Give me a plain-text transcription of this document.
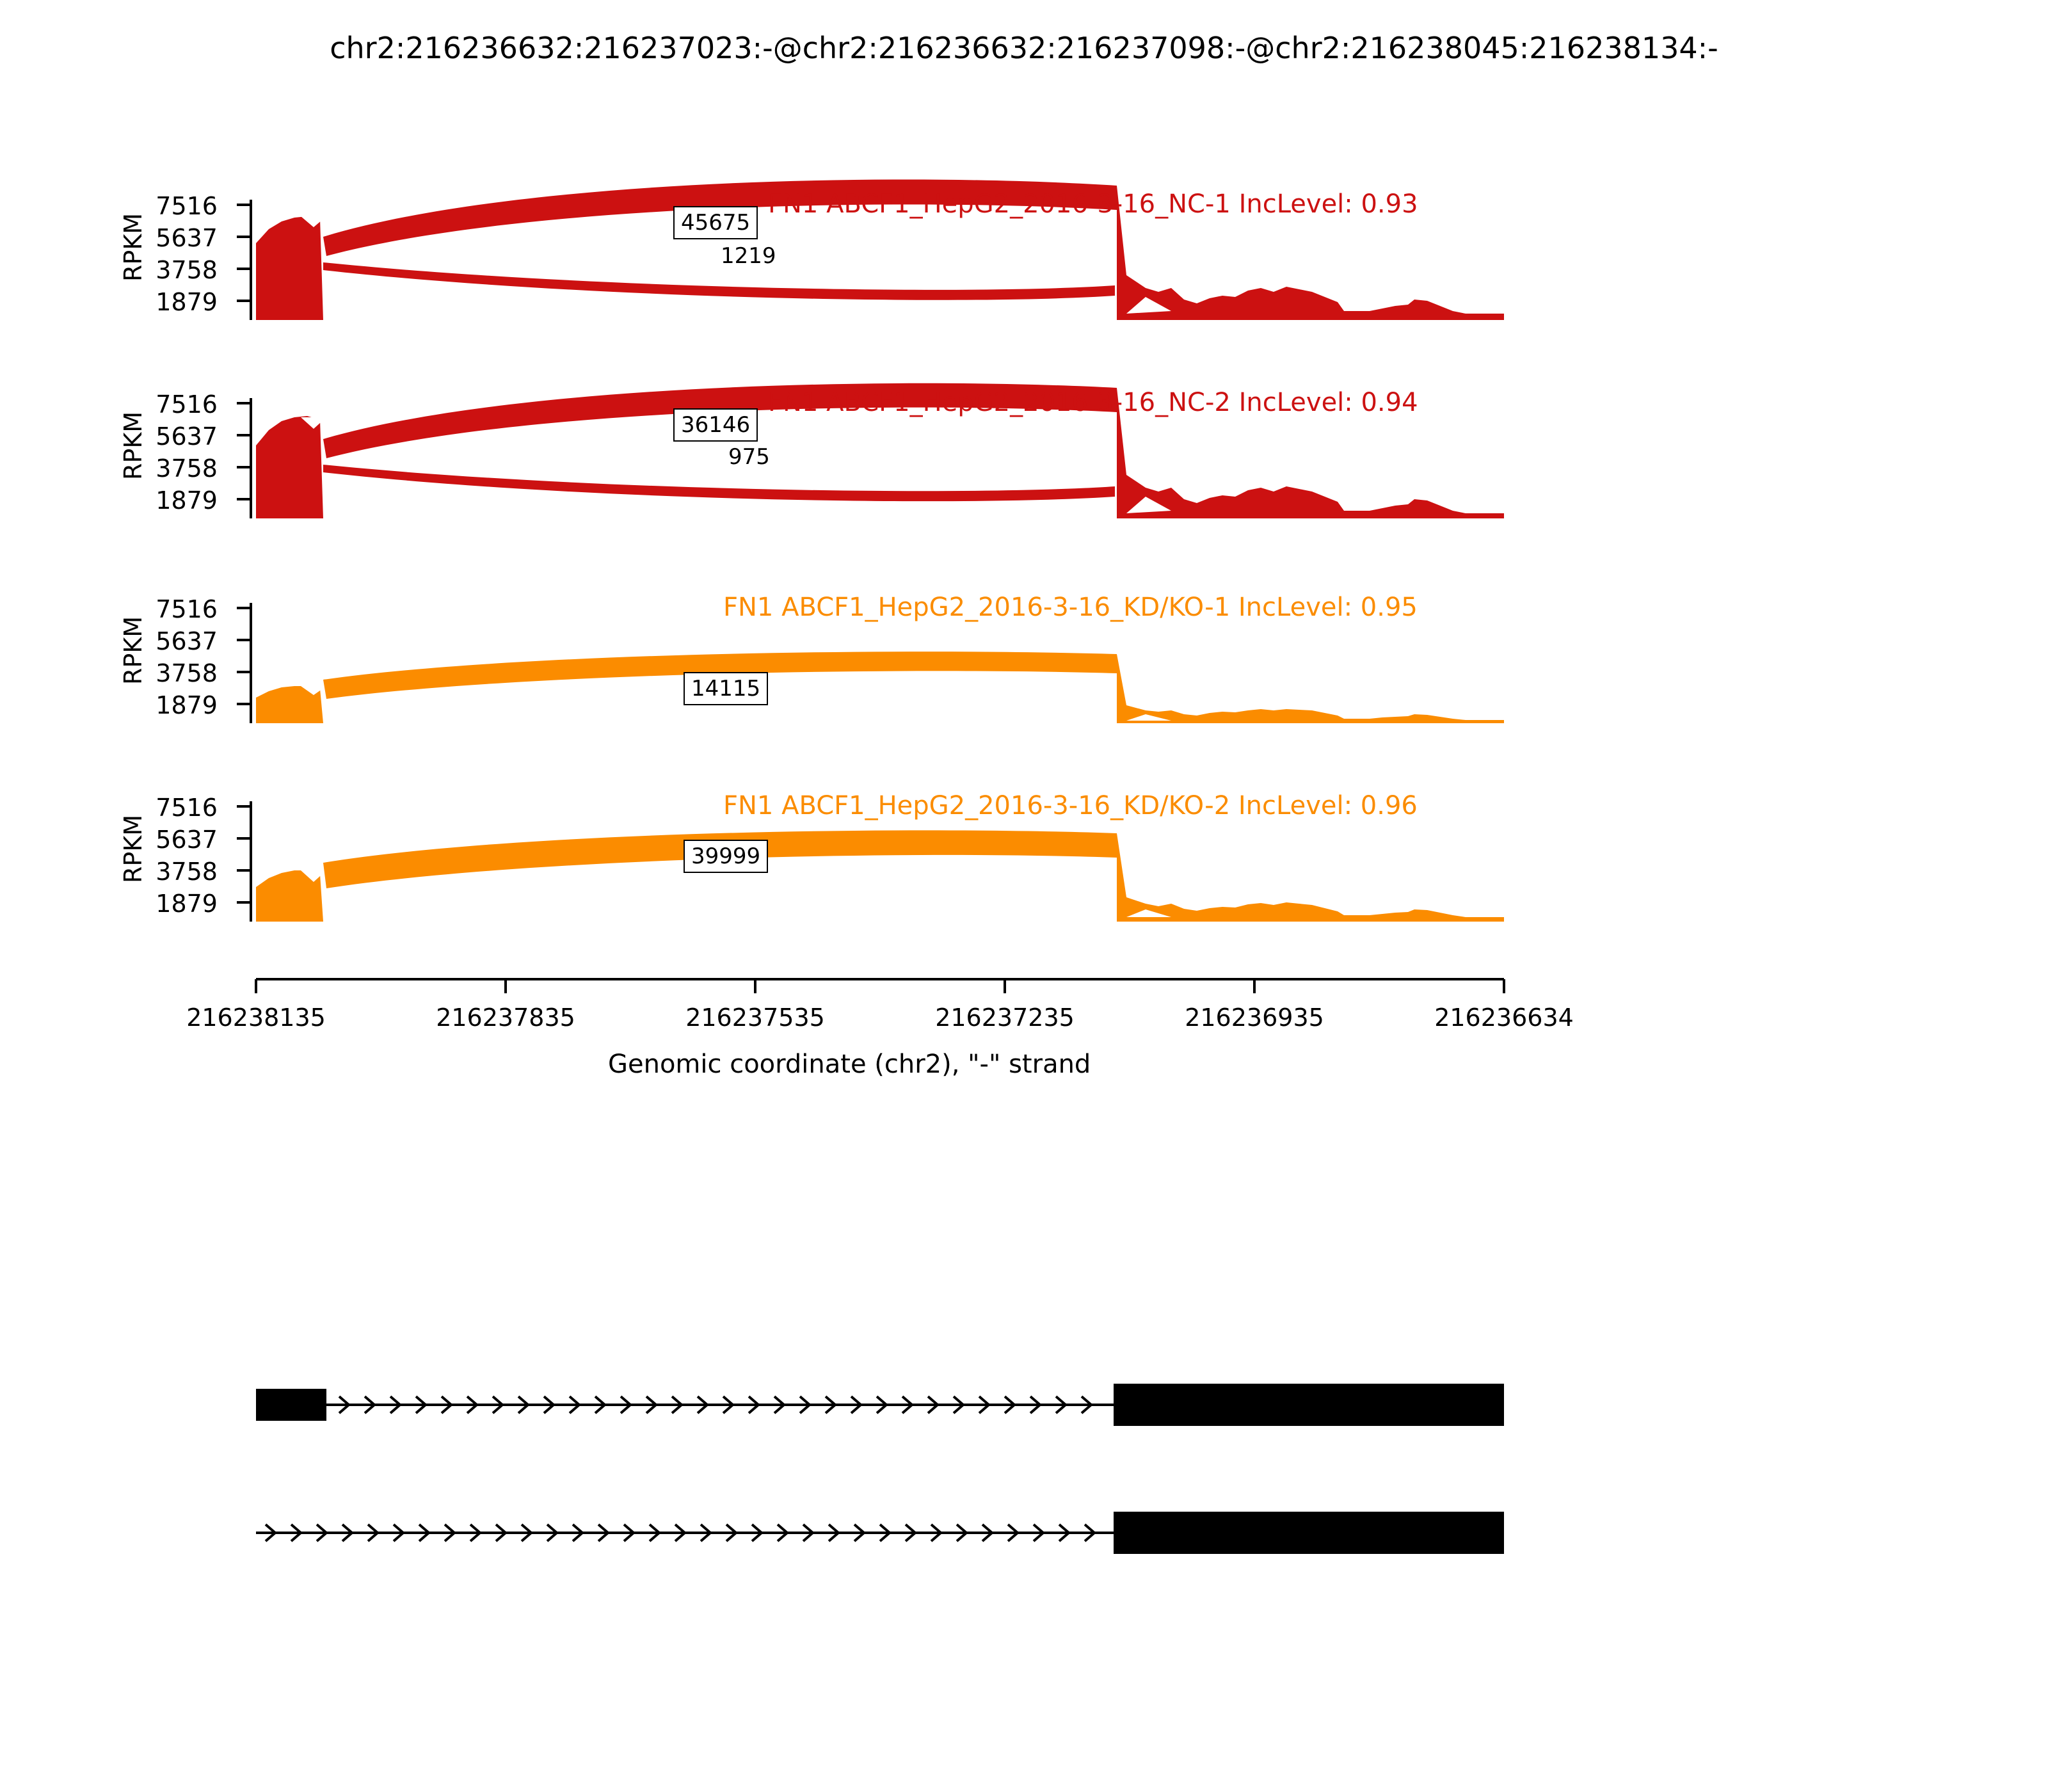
chr2:216236632:216237023:-@chr2:216236632:216237098:-@chr2:216238045:216238134:-
RPKM
7516
5637
3758
1879
FN1 ABCF1_HepG2_2016-3-16_NC-1 IncLevel: 0.93
45675
1219
RPKM
7516
5637
3758
1879
FN1 ABCF1_HepG2_2016-3-16_NC-2 IncLevel: 0.94
36146
975
RPKM
7516
5637
3758
1879
FN1 ABCF1_HepG2_2016-3-16_KD/KO-1 IncLevel: 0.95
14115
RPKM
7516
5637
3758
1879
FN1 ABCF1_HepG2_2016-3-16_KD/KO-2 IncLevel: 0.96
39999
216238135	216237835	216237535	216237235	216236935	216236634
Genomic coordinate (chr2), "-" strand
